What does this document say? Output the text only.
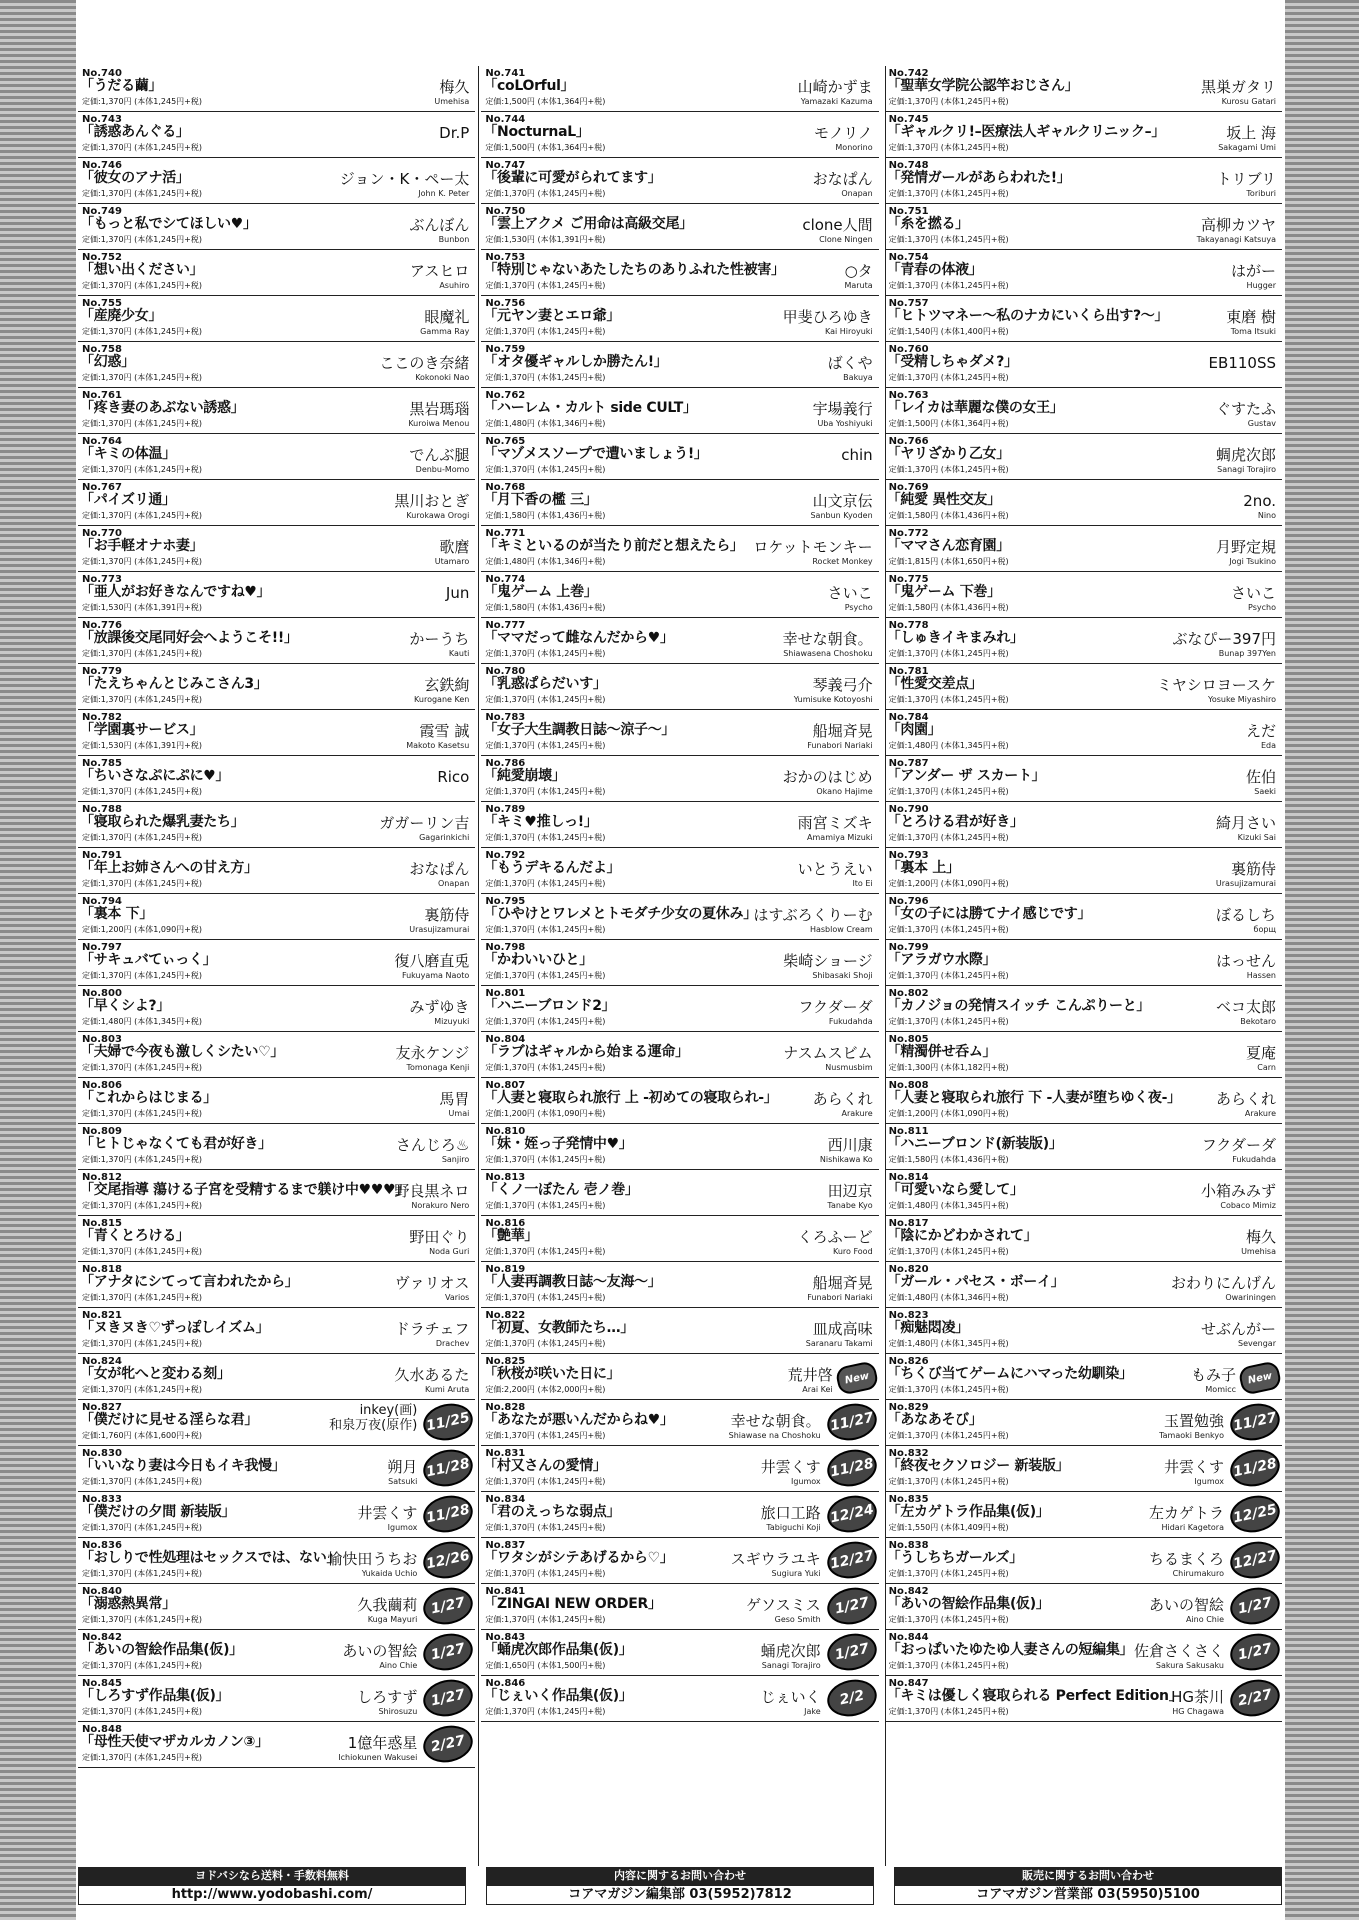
No.740
「うだる繭」
定価:1,370円 (本体1,245円+税)
梅久
Umehisa
No.741
「coLOrful」
定価:1,500円 (本体1,364円+税)
山崎かずま
Yamazaki Kazuma
No.742
「聖華女学院公認竿おじさん」
定価:1,370円 (本体1,245円+税)
黒巣ガタリ
Kurosu Gatari
No.743
「誘惑あんぐる」
定価:1,370円 (本体1,245円+税)
Dr.P
No.744
「NocturnaL」
定価:1,500円 (本体1,364円+税)
モノリノ
Monorino
No.745
「ギャルクリ!–医療法人ギャルクリニック–」
定価:1,370円 (本体1,245円+税)
坂上 海
Sakagami Umi
No.746
「彼女のアナ活」
定価:1,370円 (本体1,245円+税)
ジョン・K・ペー太
John K. Peter
No.747
「後輩に可愛がられてます」
定価:1,370円 (本体1,245円+税)
おなぱん
Onapan
No.748
「発情ガールがあらわれた!」
定価:1,370円 (本体1,245円+税)
トリブリ
Toriburi
No.749
「もっと私でシてほしい♥」
定価:1,370円 (本体1,245円+税)
ぶんぼん
Bunbon
No.750
「雲上アクメ ご用命は高級交尾」
定価:1,530円 (本体1,391円+税)
clone人間
Clone Ningen
No.751
「糸を撚る」
定価:1,370円 (本体1,245円+税)
高柳カツヤ
Takayanagi Katsuya
No.752
「想い出ください」
定価:1,370円 (本体1,245円+税)
アスヒロ
Asuhiro
No.753
「特別じゃないあたしたちのありふれた性被害」
定価:1,370円 (本体1,245円+税)
○タ
Maruta
No.754
「青春の体液」
定価:1,370円 (本体1,245円+税)
はがー
Hugger
No.755
「産廃少女」
定価:1,370円 (本体1,245円+税)
眼魔礼
Gamma Ray
No.756
「元ヤン妻とエロ爺」
定価:1,370円 (本体1,245円+税)
甲斐ひろゆき
Kai Hiroyuki
No.757
「ヒトツマネー〜私のナカにいくら出す?〜」
定価:1,540円 (本体1,400円+税)
東磨 樹
Toma Itsuki
No.758
「幻惑」
定価:1,370円 (本体1,245円+税)
ここのき奈緒
Kokonoki Nao
No.759
「オタ優ギャルしか勝たん!」
定価:1,370円 (本体1,245円+税)
ばくや
Bakuya
No.760
「受精しちゃダメ?」
定価:1,370円 (本体1,245円+税)
EB110SS
No.761
「疼き妻のあぶない誘惑」
定価:1,370円 (本体1,245円+税)
黒岩瑪瑙
Kuroiwa Menou
No.762
「ハーレム・カルト side CULT」
定価:1,480円 (本体1,346円+税)
宇場義行
Uba Yoshiyuki
No.763
「レイカは華麗な僕の女王」
定価:1,500円 (本体1,364円+税)
ぐすたふ
Gustav
No.764
「キミの体温」
定価:1,370円 (本体1,245円+税)
でんぶ腿
Denbu-Momo
No.765
「マゾメスソープで遭いましょう!」
定価:1,370円 (本体1,245円+税)
chin
No.766
「ヤリざかり乙女」
定価:1,370円 (本体1,245円+税)
蜩虎次郎
Sanagi Torajiro
No.767
「パイズリ通」
定価:1,370円 (本体1,245円+税)
黒川おとぎ
Kurokawa Orogi
No.768
「月下香の檻 三」
定価:1,580円 (本体1,436円+税)
山文京伝
Sanbun Kyoden
No.769
「純愛 異性交友」
定価:1,580円 (本体1,436円+税)
2no.
Nino
No.770
「お手軽オナホ妻」
定価:1,370円 (本体1,245円+税)
歌麿
Utamaro
No.771
「キミといるのが当たり前だと想えたら」
定価:1,480円 (本体1,346円+税)
ロケットモンキー
Rocket Monkey
No.772
「ママさん恋育園」
定価:1,815円 (本体1,650円+税)
月野定規
Jogi Tsukino
No.773
「亜人がお好きなんですね♥」
定価:1,530円 (本体1,391円+税)
Jun
No.774
「鬼ゲーム 上巻」
定価:1,580円 (本体1,436円+税)
さいこ
Psycho
No.775
「鬼ゲーム 下巻」
定価:1,580円 (本体1,436円+税)
さいこ
Psycho
No.776
「放課後交尾同好会へようこそ!!」
定価:1,370円 (本体1,245円+税)
かーうち
Kauti
No.777
「ママだって雌なんだから♥」
定価:1,370円 (本体1,245円+税)
幸せな朝食。
Shiawasena Choshoku
No.778
「しゅきイキまみれ」
定価:1,370円 (本体1,245円+税)
ぶなぴー397円
Bunap 397Yen
No.779
「たえちゃんとじみこさん3」
定価:1,370円 (本体1,245円+税)
玄鉄絢
Kurogane Ken
No.780
「乳惑ぱらだいす」
定価:1,370円 (本体1,245円+税)
琴義弓介
Yumisuke Kotoyoshi
No.781
「性愛交差点」
定価:1,370円 (本体1,245円+税)
ミヤシロヨースケ
Yosuke Miyashiro
No.782
「学園裏サービス」
定価:1,530円 (本体1,391円+税)
霞雪 誠
Makoto Kasetsu
No.783
「女子大生調教日誌〜涼子〜」
定価:1,370円 (本体1,245円+税)
船堀斉晃
Funabori Nariaki
No.784
「肉園」
定価:1,480円 (本体1,345円+税)
えだ
Eda
No.785
「ちいさなぷにぷに♥」
定価:1,370円 (本体1,245円+税)
Rico
No.786
「純愛崩壊」
定価:1,370円 (本体1,245円+税)
おかのはじめ
Okano Hajime
No.787
「アンダー ザ スカート」
定価:1,370円 (本体1,245円+税)
佐伯
Saeki
No.788
「寝取られた爆乳妻たち」
定価:1,370円 (本体1,245円+税)
ガガーリン吉
Gagarinkichi
No.789
「キミ♥推しっ!」
定価:1,370円 (本体1,245円+税)
雨宮ミズキ
Amamiya Mizuki
No.790
「とろける君が好き」
定価:1,370円 (本体1,245円+税)
綺月さい
Kizuki Sai
No.791
「年上お姉さんへの甘え方」
定価:1,370円 (本体1,245円+税)
おなぱん
Onapan
No.792
「もうデキるんだよ」
定価:1,370円 (本体1,245円+税)
いとうえい
Ito Ei
No.793
「裏本 上」
定価:1,200円 (本体1,090円+税)
裏筋侍
Urasujizamurai
No.794
「裏本 下」
定価:1,200円 (本体1,090円+税)
裏筋侍
Urasujizamurai
No.795
「ひやけとワレメとトモダチ少女の夏休み」
定価:1,370円 (本体1,245円+税)
はすぶろくりーむ
Hasblow Cream
No.796
「女の子には勝てナイ感じです」
定価:1,370円 (本体1,245円+税)
ぼるしち
борщ
No.797
「サキュバてぃっく」
定価:1,370円 (本体1,245円+税)
復八磨直兎
Fukuyama Naoto
No.798
「かわいいひと」
定価:1,370円 (本体1,245円+税)
柴崎ショージ
Shibasaki Shoji
No.799
「アラガウ水際」
定価:1,370円 (本体1,245円+税)
はっせん
Hassen
No.800
「早くシよ?」
定価:1,480円 (本体1,345円+税)
みずゆき
Mizuyuki
No.801
「ハニーブロンド2」
定価:1,370円 (本体1,245円+税)
フクダーダ
Fukudahda
No.802
「カノジョの発情スイッチ こんぷりーと」
定価:1,370円 (本体1,245円+税)
ベコ太郎
Bekotaro
No.803
「夫婦で今夜も激しくシたい♡」
定価:1,370円 (本体1,245円+税)
友永ケンジ
Tomonaga Kenji
No.804
「ラブはギャルから始まる運命」
定価:1,370円 (本体1,245円+税)
ナスムスビム
Nusmusbim
No.805
「精濁併せ呑ム」
定価:1,300円 (本体1,182円+税)
夏庵
Carn
No.806
「これからはじまる」
定価:1,370円 (本体1,245円+税)
馬胃
Umai
No.807
「人妻と寝取られ旅行 上 -初めての寝取られ-」
定価:1,200円 (本体1,090円+税)
あらくれ
Arakure
No.808
「人妻と寝取られ旅行 下 -人妻が堕ちゆく夜-」
定価:1,200円 (本体1,090円+税)
あらくれ
Arakure
No.809
「ヒトじゃなくても君が好き」
定価:1,370円 (本体1,245円+税)
さんじろ♨
Sanjiro
No.810
「妹・姪っ子発情中♥」
定価:1,370円 (本体1,245円+税)
西川康
Nishikawa Ko
No.811
「ハニーブロンド(新装版)」
定価:1,580円 (本体1,436円+税)
フクダーダ
Fukudahda
No.812
「交尾指導 蕩ける子宮を受精するまで躾け中♥♥♥」
定価:1,370円 (本体1,245円+税)
野良黒ネロ
Norakuro Nero
No.813
「くノ一ぼたん 壱ノ巻」
定価:1,370円 (本体1,245円+税)
田辺京
Tanabe Kyo
No.814
「可愛いなら愛して」
定価:1,480円 (本体1,345円+税)
小箱みみず
Cobaco Mimiz
No.815
「青くとろける」
定価:1,370円 (本体1,245円+税)
野田ぐり
Noda Guri
No.816
「艶華」
定価:1,370円 (本体1,245円+税)
くろふーど
Kuro Food
No.817
「陰にかどわかされて」
定価:1,370円 (本体1,245円+税)
梅久
Umehisa
No.818
「アナタにシてって言われたから」
定価:1,370円 (本体1,245円+税)
ヴァリオス
Varios
No.819
「人妻再調教日誌〜友海〜」
定価:1,370円 (本体1,245円+税)
船堀斉晃
Funabori Nariaki
No.820
「ガール・パセス・ボーイ」
定価:1,480円 (本体1,346円+税)
おわりにんげん
Owariningen
No.821
「ヌきヌき♡ずっぽしイズム」
定価:1,370円 (本体1,245円+税)
ドラチェフ
Drachev
No.822
「初夏、女教師たち…」
定価:1,370円 (本体1,245円+税)
皿成高味
Saranaru Takami
No.823
「痴魅悶凌」
定価:1,480円 (本体1,345円+税)
せぶんがー
Sevengar
No.824
「女が牝へと変わる刻」
定価:1,370円 (本体1,245円+税)
久水あるた
Kumi Aruta
No.825
「秋桜が咲いた日に」
定価:2,200円 (本体2,000円+税)
荒井啓
Arai Kei
New
No.826
「ちくび当てゲームにハマった幼馴染」
定価:1,370円 (本体1,245円+税)
もみ子
Momicc
New
No.827
「僕だけに見せる淫らな君」
定価:1,760円 (本体1,600円+税)
inkey(画)
和泉万夜(原作) 11/25
No.828
「あなたが悪いんだからね♥」
定価:1,370円 (本体1,245円+税)
幸せな朝食。
Shiawase na Choshoku
11/27
No.829
「あなあそび」
定価:1,370円 (本体1,245円+税)
玉置勉強
Tamaoki Benkyo
11/27
No.830
「いいなり妻は今日もイキ我慢」
定価:1,370円 (本体1,245円+税)
朔月
Satsuki
11/28
No.831
「村又さんの愛情」
定価:1,370円 (本体1,245円+税)
井雲くす
Igumox
11/28
No.832
「終夜セクソロジー 新装版」
定価:1,370円 (本体1,245円+税)
井雲くす
Igumox
11/28
No.833
「僕だけの夕間 新装版」
定価:1,370円 (本体1,245円+税)
井雲くす
Igumox
11/28
No.834
「君のえっちな弱点」
定価:1,370円 (本体1,245円+税)
旅口工路
Tabiguchi Koji
12/24
No.835
「左カゲトラ作品集(仮)」
定価:1,550円 (本体1,409円+税)
左カゲトラ
Hidari Kagetora
12/25
No.836
「おしりで性処理はセックスでは、ない」
定価:1,370円 (本体1,245円+税)
愉快田うちお
Yukaida Uchio
12/26
No.837
「ワタシがシテあげるから♡」
定価:1,370円 (本体1,245円+税)
スギウラユキ
Sugiura Yuki
12/27
No.838
「うしちちガールズ」
定価:1,370円 (本体1,245円+税)
ちるまくろ
Chirumakuro
12/27
No.840
「溺惑熱異常」
定価:1,370円 (本体1,245円+税)
久我繭莉
Kuga Mayuri
1/27
No.841
「ZINGAI NEW ORDER」
定価:1,370円 (本体1,245円+税)
ゲソスミス
Geso Smith
1/27
No.842
「あいの智絵作品集(仮)」
定価:1,370円 (本体1,245円+税)
あいの智絵
Aino Chie
1/27
No.842
「あいの智絵作品集(仮)」
定価:1,370円 (本体1,245円+税)
あいの智絵
Aino Chie
1/27
No.843
「蛹虎次郎作品集(仮)」
定価:1,650円 (本体1,500円+税)
蛹虎次郎
Sanagi Torajiro
1/27
No.844
「おっぱいたゆたゆ人妻さんの短編集」
定価:1,370円 (本体1,245円+税)
佐倉さくさく
Sakura Sakusaku
1/27
No.845
「しろすず作品集(仮)」
定価:1,370円 (本体1,245円+税)
しろすず
Shirosuzu
1/27
No.846
「じぇいく作品集(仮)」
定価:1,370円 (本体1,245円+税)
じぇいく
Jake
2/2
No.847
「キミは優しく寝取られる Perfect Edition」
定価:1,370円 (本体1,245円+税)
HG茶川
HG Chagawa
2/27
No.848
「母性天使マザカルカノン③」
定価:1,370円 (本体1,245円+税)
1億年惑星
Ichiokunen Wakusei
2/27
ヨドバシなら送料・手数料無料
http://www.yodobashi.com/
内容に関するお問い合わせ
コアマガジン編集部 03(5952)7812
販売に関するお問い合わせ
コアマガジン営業部 03(5950)5100
